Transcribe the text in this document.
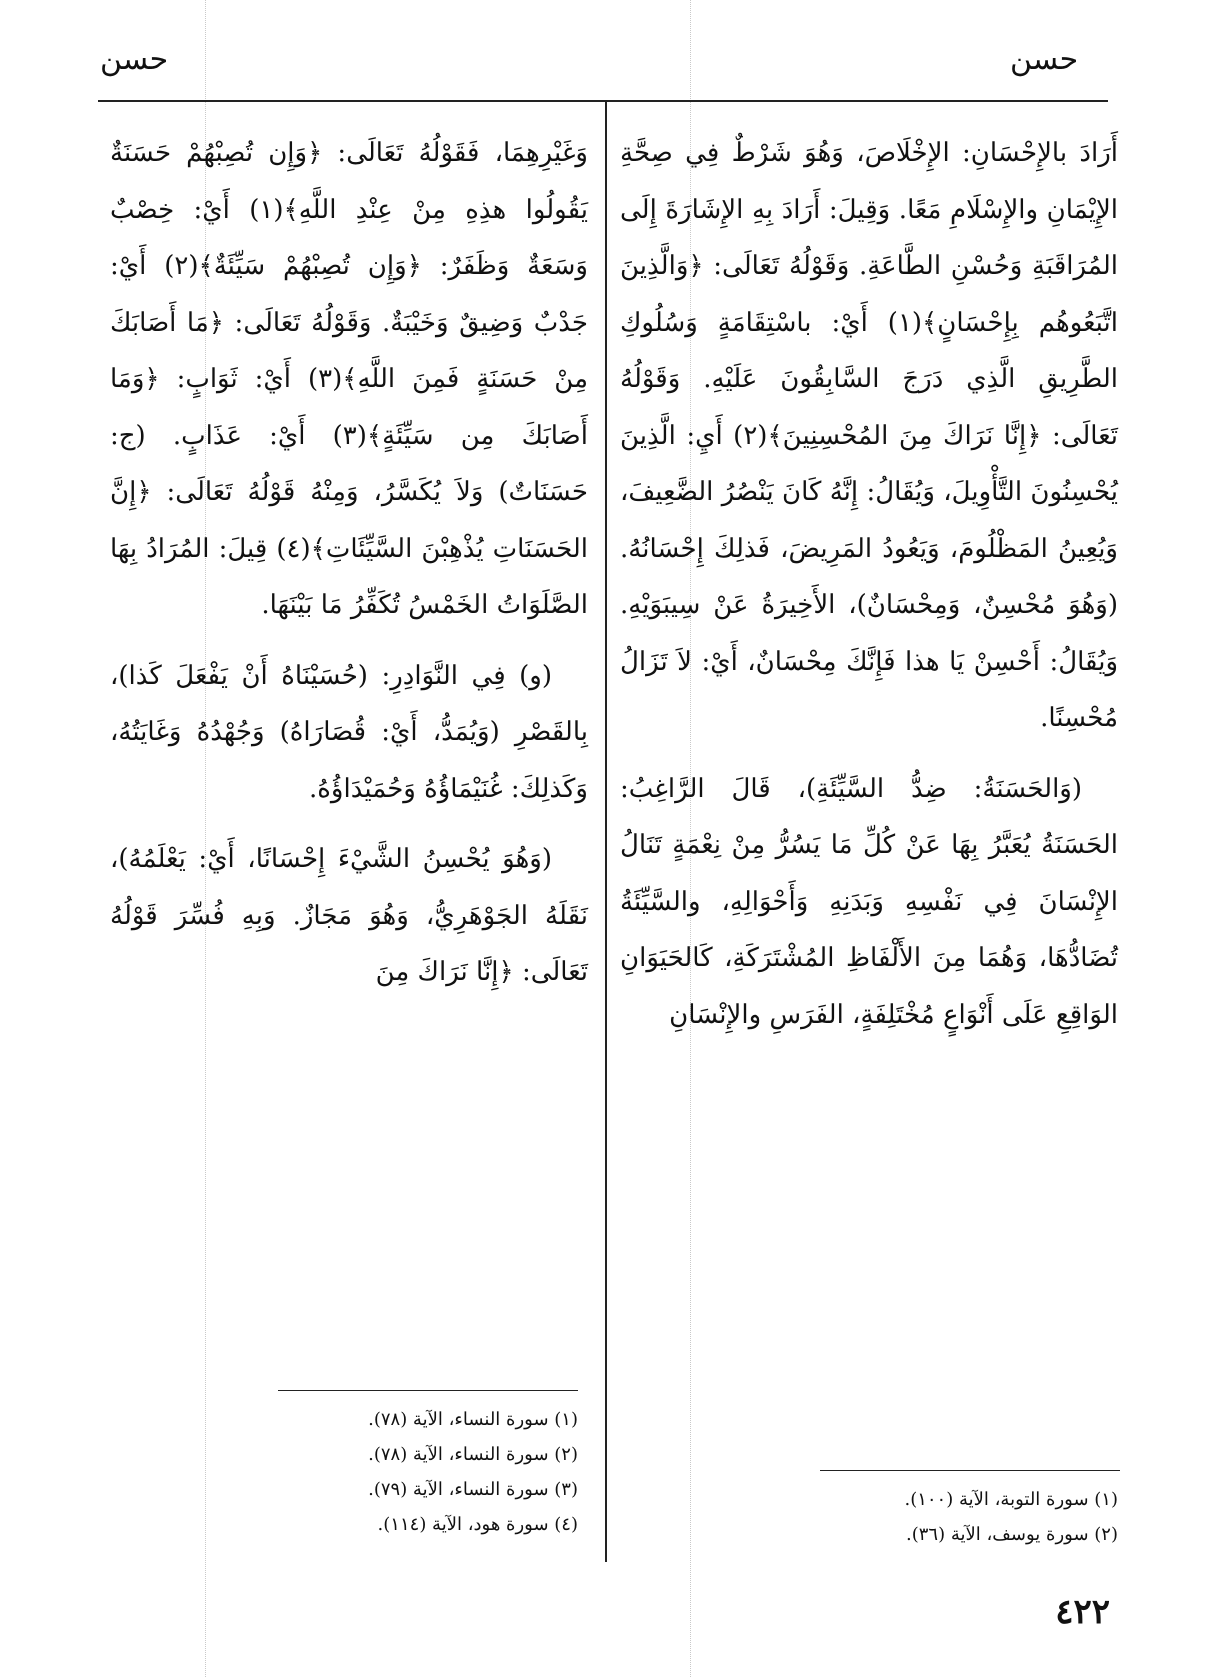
حسن
حسن

أَرَادَ بالإِحْسَانِ: الإِخْلَاصَ، وَهُوَ شَرْطٌ فِي صِحَّةِ الإِيْمَانِ والإِسْلَامِ مَعًا. وَقِيلَ: أَرَادَ بِهِ الإِشَارَةَ إِلَى المُرَاقَبَةِ وَحُسْنِ الطَّاعَةِ. وَقَوْلُهُ تَعَالَى: ﴿وَالَّذِينَ اتَّبَعُوهُم بِإِحْسَانٍ﴾(١) أَيْ: باسْتِقَامَةٍ وَسُلُوكِ الطَّرِيقِ الَّذِي دَرَجَ السَّابِقُونَ عَلَيْهِ. وَقَوْلُهُ تَعَالَى: ﴿إِنَّا نَرَاكَ مِنَ المُحْسِنِينَ﴾(٢) أَيِ: الَّذِينَ يُحْسِنُونَ التَّأْوِيلَ، وَيُقَالُ: إِنَّهُ كَانَ يَنْصُرُ الضَّعِيفَ، وَيُعِينُ المَظْلُومَ، وَيَعُودُ المَرِيضَ، فَذلِكَ إِحْسَانُهُ. (وَهُوَ مُحْسِنٌ، وَمِحْسَانٌ)، الأَخِيرَةُ عَنْ سِيبَوَيْهِ. وَيُقَالُ: أَحْسِنْ يَا هذا فَإِنَّكَ مِحْسَانٌ، أَيْ: لاَ تَزَالُ مُحْسِنًا.

(وَالحَسَنَةُ: ضِدُّ السَّيِّئَةِ)، قَالَ الرَّاغِبُ: الحَسَنَةُ يُعَبَّرُ بِهَا عَنْ كُلِّ مَا يَسُرُّ مِنْ نِعْمَةٍ تَنَالُ الإِنْسَانَ فِي نَفْسِهِ وَبَدَنِهِ وَأَحْوَالِهِ، والسَّيِّئَةُ تُضَادُّهَا، وَهُمَا مِنَ الأَلْفَاظِ المُشْتَرَكَةِ، كَالحَيَوَانِ الوَاقِعِ عَلَى أَنْوَاعٍ مُخْتَلِفَةٍ، الفَرَسِ والإِنْسَانِ

وَغَيْرِهِمَا، فَقَوْلُهُ تَعَالَى: ﴿وَإِن تُصِبْهُمْ حَسَنَةٌ يَقُولُوا هذِهِ مِنْ عِنْدِ اللَّهِ﴾(١) أَيْ: خِصْبٌ وَسَعَةٌ وَظَفَرٌ: ﴿وَإِن تُصِبْهُمْ سَيِّئَةٌ﴾(٢) أَيْ: جَدْبٌ وَضِيقٌ وَخَيْبَةٌ. وَقَوْلُهُ تَعَالَى: ﴿مَا أَصَابَكَ مِنْ حَسَنَةٍ فَمِنَ اللَّهِ﴾(٣) أَيْ: ثَوَابٍ: ﴿وَمَا أَصَابَكَ مِن سَيِّئَةٍ﴾(٣) أَيْ: عَذَابٍ. (ج: حَسَنَاتٌ) وَلاَ يُكَسَّرُ، وَمِنْهُ قَوْلُهُ تَعَالَى: ﴿إِنَّ الحَسَنَاتِ يُذْهِبْنَ السَّيِّئَاتِ﴾(٤) قِيلَ: المُرَادُ بِهَا الصَّلَوَاتُ الخَمْسُ تُكَفِّرُ مَا بَيْنَهَا.

(و) فِي النَّوَادِرِ: (حُسَيْنَاهُ أَنْ يَفْعَلَ كَذا)، بِالقَصْرِ (وَيُمَدُّ، أَيْ: قُصَارَاهُ) وَجُهْدُهُ وَغَايَتُهُ، وَكَذلِكَ: غُنَيْمَاؤُهُ وَحُمَيْدَاؤُهُ.

(وَهُوَ يُحْسِنُ الشَّيْءَ إِحْسَانًا، أَيْ: يَعْلَمُهُ)، نَقَلَهُ الجَوْهَرِيُّ، وَهُوَ مَجَازٌ. وَبِهِ فُسِّرَ قَوْلُهُ تَعَالَى: ﴿إِنَّا نَرَاكَ مِنَ

(١) سورة النساء، الآية (٧٨).
(٢) سورة النساء، الآية (٧٨).
(٣) سورة النساء، الآية (٧٩).
(٤) سورة هود، الآية (١١٤).
(١) سورة التوبة، الآية (١٠٠).
(٢) سورة يوسف، الآية (٣٦).
٤٢٢
